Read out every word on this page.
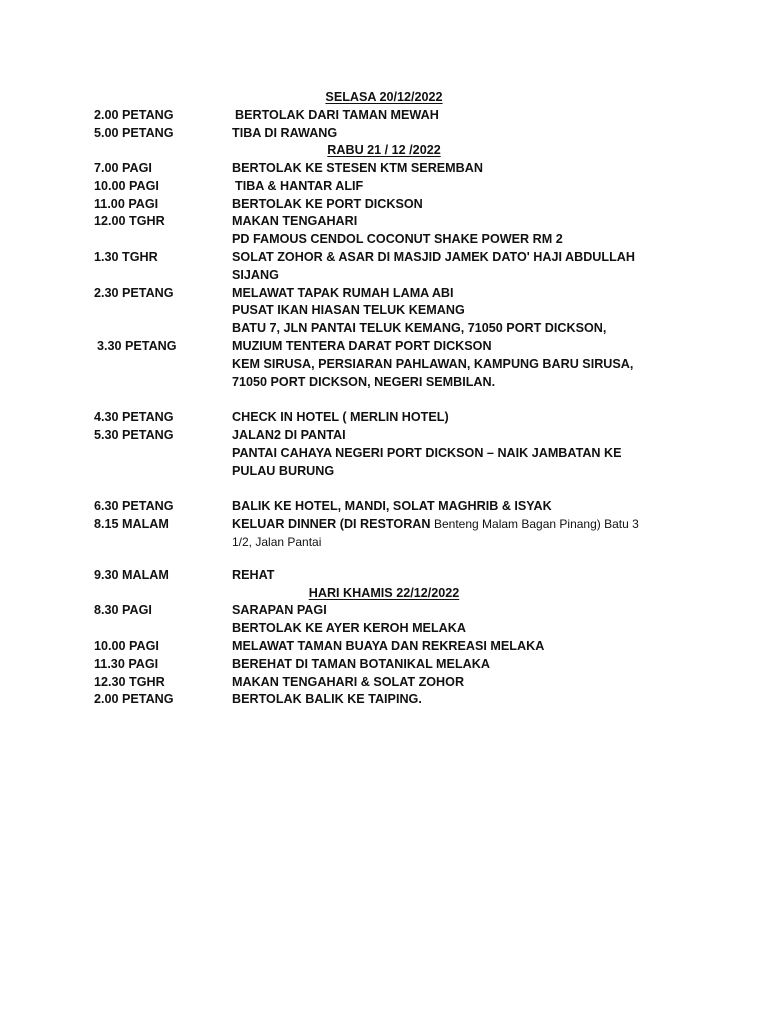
SELASA 20/12/2022
2.00 PETANG	BERTOLAK DARI TAMAN MEWAH
5.00 PETANG	TIBA DI RAWANG
RABU 21 / 12 /2022
7.00 PAGI	BERTOLAK KE STESEN KTM SEREMBAN
10.00 PAGI	TIBA & HANTAR ALIF
11.00 PAGI	BERTOLAK KE PORT DICKSON
12.00 TGHR	MAKAN TENGAHARI
PD FAMOUS CENDOL COCONUT SHAKE POWER RM 2
1.30 TGHR	SOLAT ZOHOR & ASAR DI MASJID JAMEK DATO' HAJI ABDULLAH
SIJANG
2.30 PETANG	MELAWAT TAPAK RUMAH LAMA ABI
PUSAT IKAN HIASAN TELUK KEMANG
BATU 7, JLN PANTAI TELUK KEMANG, 71050 PORT DICKSON,
3.30 PETANG	MUZIUM TENTERA DARAT PORT DICKSON
KEM SIRUSA, PERSIARAN PAHLAWAN, KAMPUNG BARU SIRUSA,
71050 PORT DICKSON, NEGERI SEMBILAN.
4.30 PETANG	CHECK IN HOTEL ( MERLIN HOTEL)
5.30 PETANG	JALAN2 DI PANTAI
PANTAI CAHAYA NEGERI PORT DICKSON – NAIK JAMBATAN KE
PULAU BURUNG
6.30 PETANG	BALIK KE HOTEL, MANDI, SOLAT MAGHRIB & ISYAK
8.15 MALAM	KELUAR DINNER (DI RESTORAN Benteng Malam Bagan Pinang) Batu 3
1/2, Jalan Pantai
9.30 MALAM	REHAT
HARI KHAMIS 22/12/2022
8.30 PAGI	SARAPAN PAGI
BERTOLAK KE AYER KEROH MELAKA
10.00 PAGI	MELAWAT TAMAN BUAYA DAN REKREASI MELAKA
11.30 PAGI	BEREHAT DI TAMAN BOTANIKAL MELAKA
12.30 TGHR	MAKAN TENGAHARI & SOLAT ZOHOR
2.00 PETANG	BERTOLAK BALIK KE TAIPING.
